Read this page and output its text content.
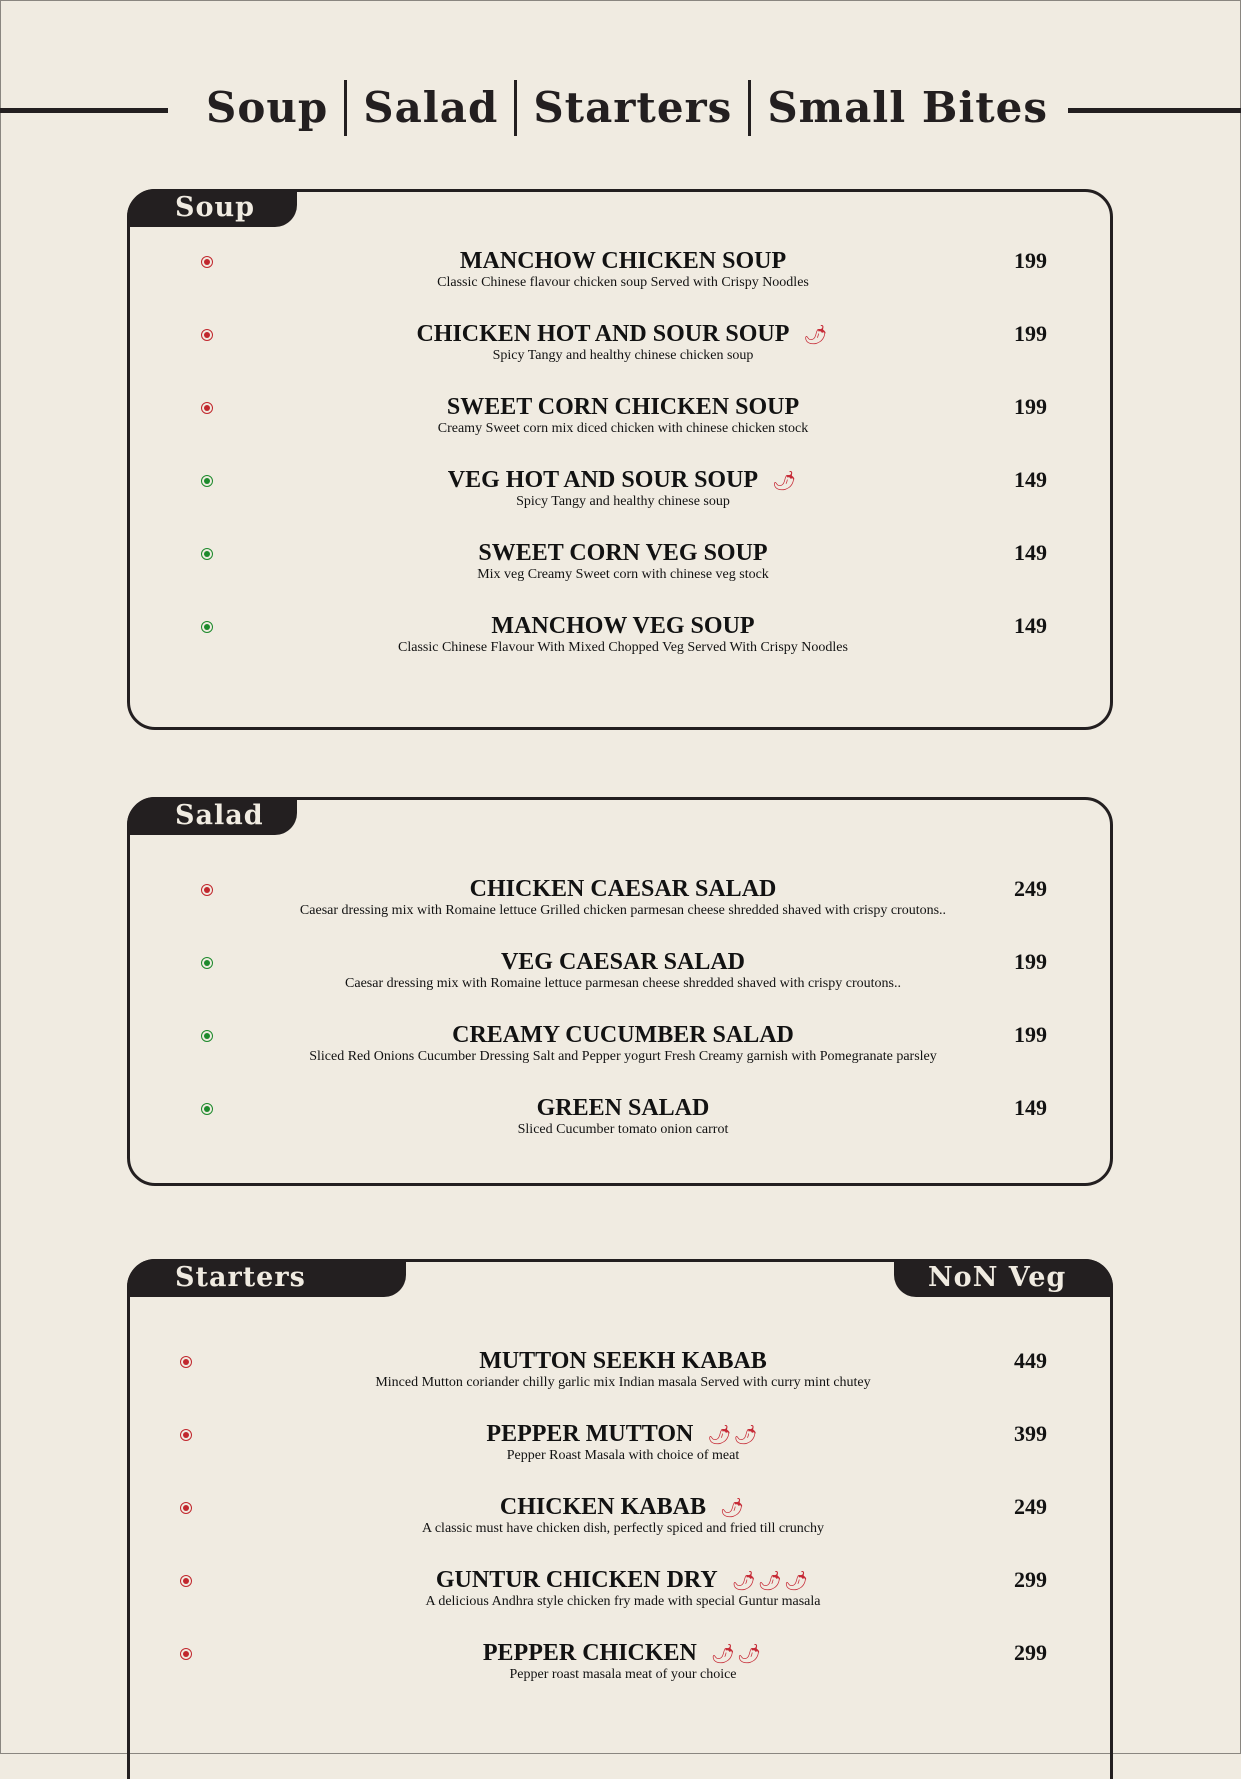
Soup Salad Starters Small Bites
Soup
MANCHOW CHICKEN SOUP
Classic Chinese flavour chicken soup Served with Crispy Noodles
199
CHICKEN HOT AND SOUR SOUP 🌶
Spicy Tangy and healthy chinese chicken soup
199
SWEET CORN CHICKEN SOUP
Creamy Sweet corn mix diced chicken with chinese chicken stock
199
VEG HOT AND SOUR SOUP 🌶
Spicy Tangy and healthy chinese soup
149
SWEET CORN VEG SOUP
Mix veg Creamy Sweet corn with chinese veg stock
149
MANCHOW VEG SOUP
Classic Chinese Flavour With Mixed Chopped Veg Served With Crispy Noodles
149
Salad
CHICKEN CAESAR SALAD
Caesar dressing mix with Romaine lettuce Grilled chicken parmesan cheese shredded shaved with crispy croutons..
249
VEG CAESAR SALAD
Caesar dressing mix with Romaine lettuce parmesan cheese shredded shaved with crispy croutons..
199
CREAMY CUCUMBER SALAD
Sliced Red Onions Cucumber Dressing Salt and Pepper yogurt Fresh Creamy garnish with Pomegranate parsley
199
GREEN SALAD
Sliced Cucumber tomato onion carrot
149
Starters	NoN Veg
MUTTON SEEKH KABAB
Minced Mutton coriander chilly garlic mix Indian masala Served with curry mint chutey
449
PEPPER MUTTON 🌶🌶
Pepper Roast Masala with choice of meat
399
CHICKEN KABAB 🌶
A classic must have chicken dish, perfectly spiced and fried till crunchy
249
GUNTUR CHICKEN DRY 🌶🌶🌶
A delicious Andhra style chicken fry made with special Guntur masala
299
PEPPER CHICKEN 🌶🌶
Pepper roast masala meat of your choice
299
